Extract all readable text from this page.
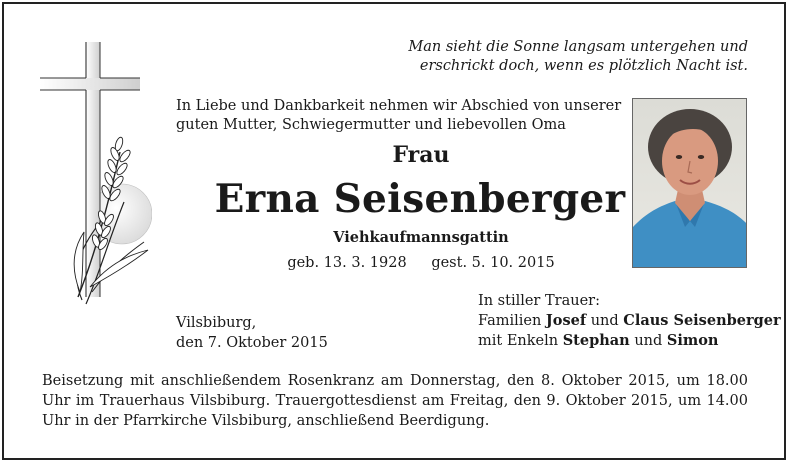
Man sieht die Sonne langsam untergehen und
erschrickt doch, wenn es plötzlich Nacht ist.
In Liebe und Dankbarkeit nehmen wir Abschied von unserer
guten Mutter, Schwiegermutter und liebevollen Oma
Frau
Erna Seisenberger
Viehkaufmannsgattin
geb. 13. 3. 1928 gest. 5. 10. 2015
In stiller Trauer:
Familien Josef und Claus Seisenberger
mit Enkeln Stephan und Simon
Vilsbiburg,
den 7. Oktober 2015
Beisetzung mit anschließendem Rosenkranz am Donnerstag, den 8. Oktober 2015, um 18.00 Uhr im Trauerhaus Vilsbiburg. Trauergottesdienst am Freitag, den 9. Oktober 2015, um 14.00 Uhr in der Pfarrkirche Vilsbiburg, anschließend Beerdigung.
